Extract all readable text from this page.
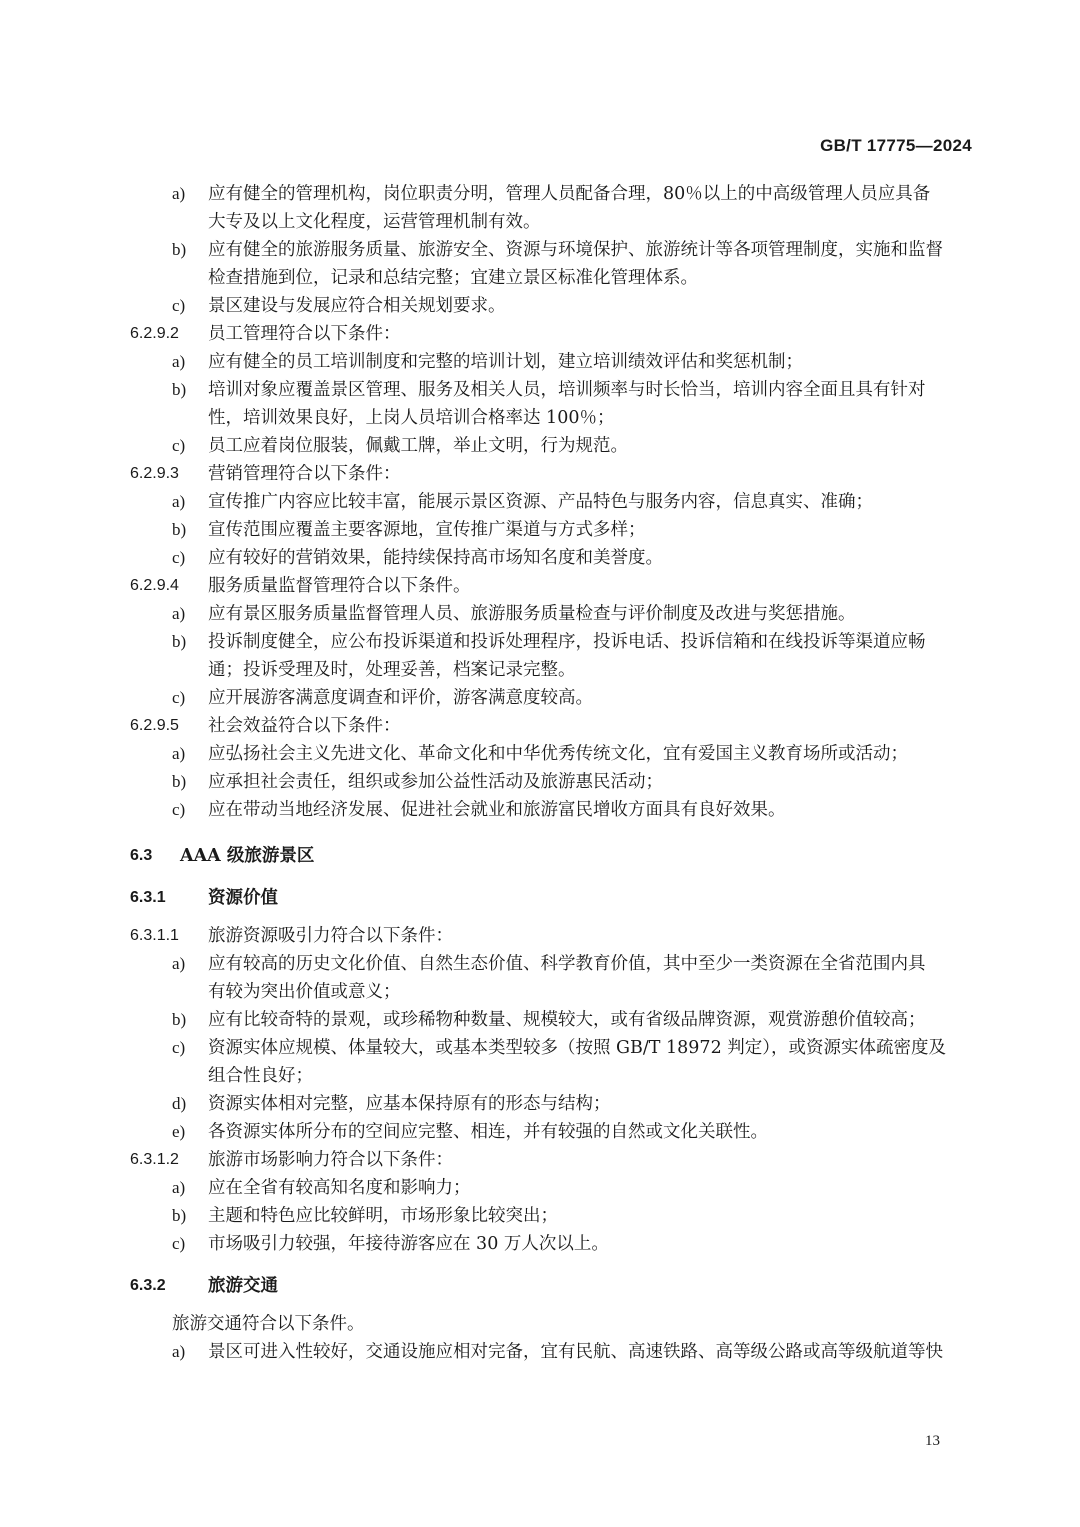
GB/T 17775—2024
a) 应有健全的管理机构，岗位职责分明，管理人员配备合理，80％以上的中高级管理人员应具备
大专及以上文化程度，运营管理机制有效。
b) 应有健全的旅游服务质量、旅游安全、资源与环境保护、旅游统计等各项管理制度，实施和监督
检查措施到位，记录和总结完整；宜建立景区标准化管理体系。
c) 景区建设与发展应符合相关规划要求。
6.2.9.2 员工管理符合以下条件：
a) 应有健全的员工培训制度和完整的培训计划，建立培训绩效评估和奖惩机制；
b) 培训对象应覆盖景区管理、服务及相关人员，培训频率与时长恰当，培训内容全面且具有针对
性，培训效果良好，上岗人员培训合格率达 100％；
c) 员工应着岗位服装，佩戴工牌，举止文明，行为规范。
6.2.9.3 营销管理符合以下条件：
a) 宣传推广内容应比较丰富，能展示景区资源、产品特色与服务内容，信息真实、准确；
b) 宣传范围应覆盖主要客源地，宣传推广渠道与方式多样；
c) 应有较好的营销效果，能持续保持高市场知名度和美誉度。
6.2.9.4 服务质量监督管理符合以下条件。
a) 应有景区服务质量监督管理人员、旅游服务质量检查与评价制度及改进与奖惩措施。
b) 投诉制度健全，应公布投诉渠道和投诉处理程序，投诉电话、投诉信箱和在线投诉等渠道应畅
通；投诉受理及时，处理妥善，档案记录完整。
c) 应开展游客满意度调查和评价，游客满意度较高。
6.2.9.5 社会效益符合以下条件：
a) 应弘扬社会主义先进文化、革命文化和中华优秀传统文化，宜有爱国主义教育场所或活动；
b) 应承担社会责任，组织或参加公益性活动及旅游惠民活动；
c) 应在带动当地经济发展、促进社会就业和旅游富民增收方面具有良好效果。
6.3 AAA 级旅游景区
6.3.1 资源价值
6.3.1.1 旅游资源吸引力符合以下条件：
a) 应有较高的历史文化价值、自然生态价值、科学教育价值，其中至少一类资源在全省范围内具
有较为突出价值或意义；
b) 应有比较奇特的景观，或珍稀物种数量、规模较大，或有省级品牌资源，观赏游憩价值较高；
c) 资源实体应规模、体量较大，或基本类型较多（按照 GB/T 18972 判定），或资源实体疏密度及
组合性良好；
d) 资源实体相对完整，应基本保持原有的形态与结构；
e) 各资源实体所分布的空间应完整、相连，并有较强的自然或文化关联性。
6.3.1.2 旅游市场影响力符合以下条件：
a) 应在全省有较高知名度和影响力；
b) 主题和特色应比较鲜明，市场形象比较突出；
c) 市场吸引力较强，年接待游客应在 30 万人次以上。
6.3.2 旅游交通
旅游交通符合以下条件。
a) 景区可进入性较好，交通设施应相对完备，宜有民航、高速铁路、高等级公路或高等级航道等快
13
